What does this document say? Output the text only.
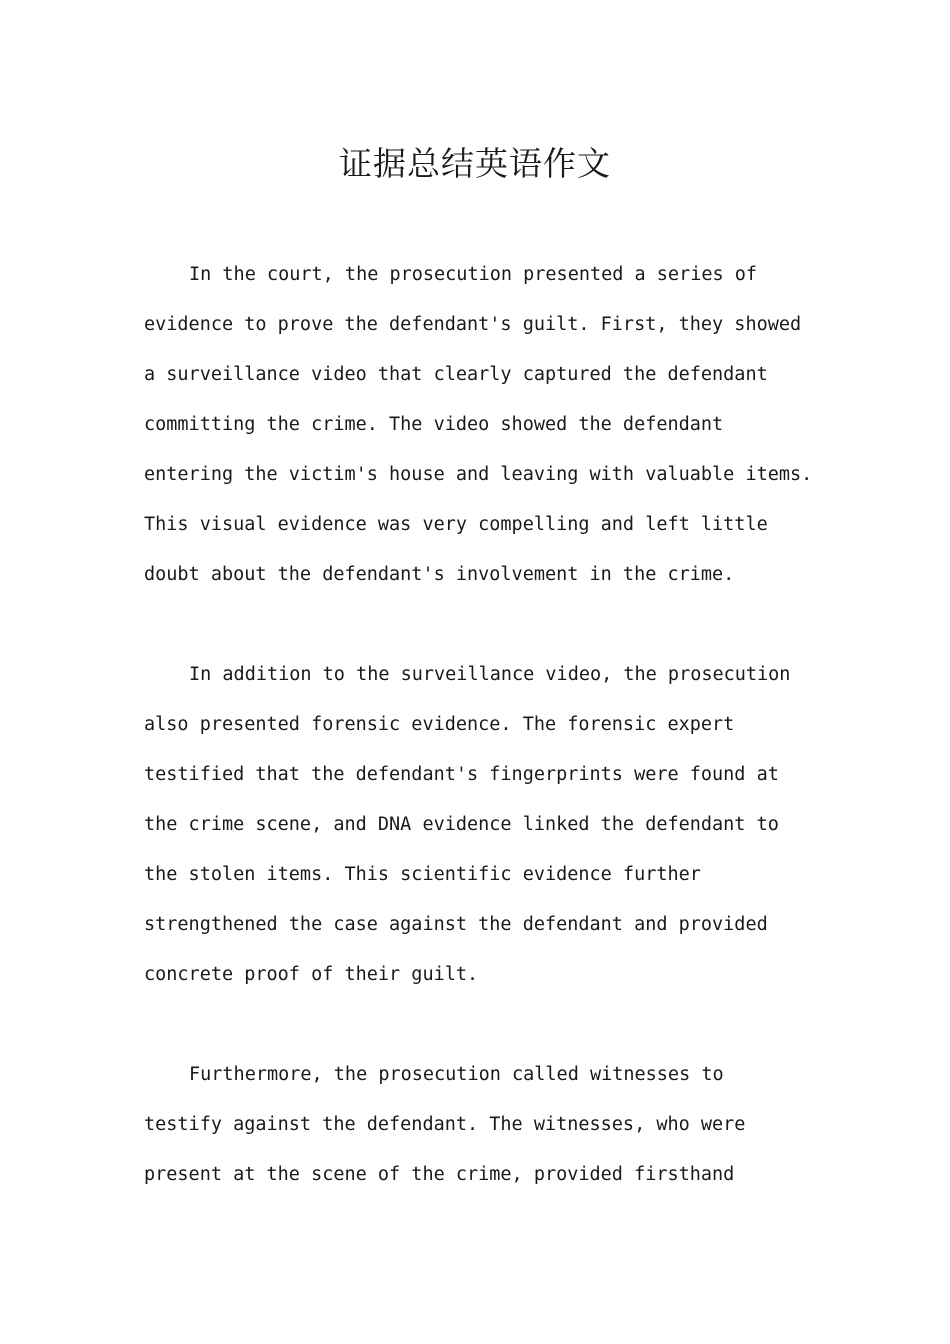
证据总结英语作文

In the court, the prosecution presented a series of
evidence to prove the defendant's guilt. First, they showed
a surveillance video that clearly captured the defendant
committing the crime. The video showed the defendant
entering the victim's house and leaving with valuable items.
This visual evidence was very compelling and left little
doubt about the defendant's involvement in the crime.

In addition to the surveillance video, the prosecution
also presented forensic evidence. The forensic expert
testified that the defendant's fingerprints were found at
the crime scene, and DNA evidence linked the defendant to
the stolen items. This scientific evidence further
strengthened the case against the defendant and provided
concrete proof of their guilt.

Furthermore, the prosecution called witnesses to
testify against the defendant. The witnesses, who were
present at the scene of the crime, provided firsthand
